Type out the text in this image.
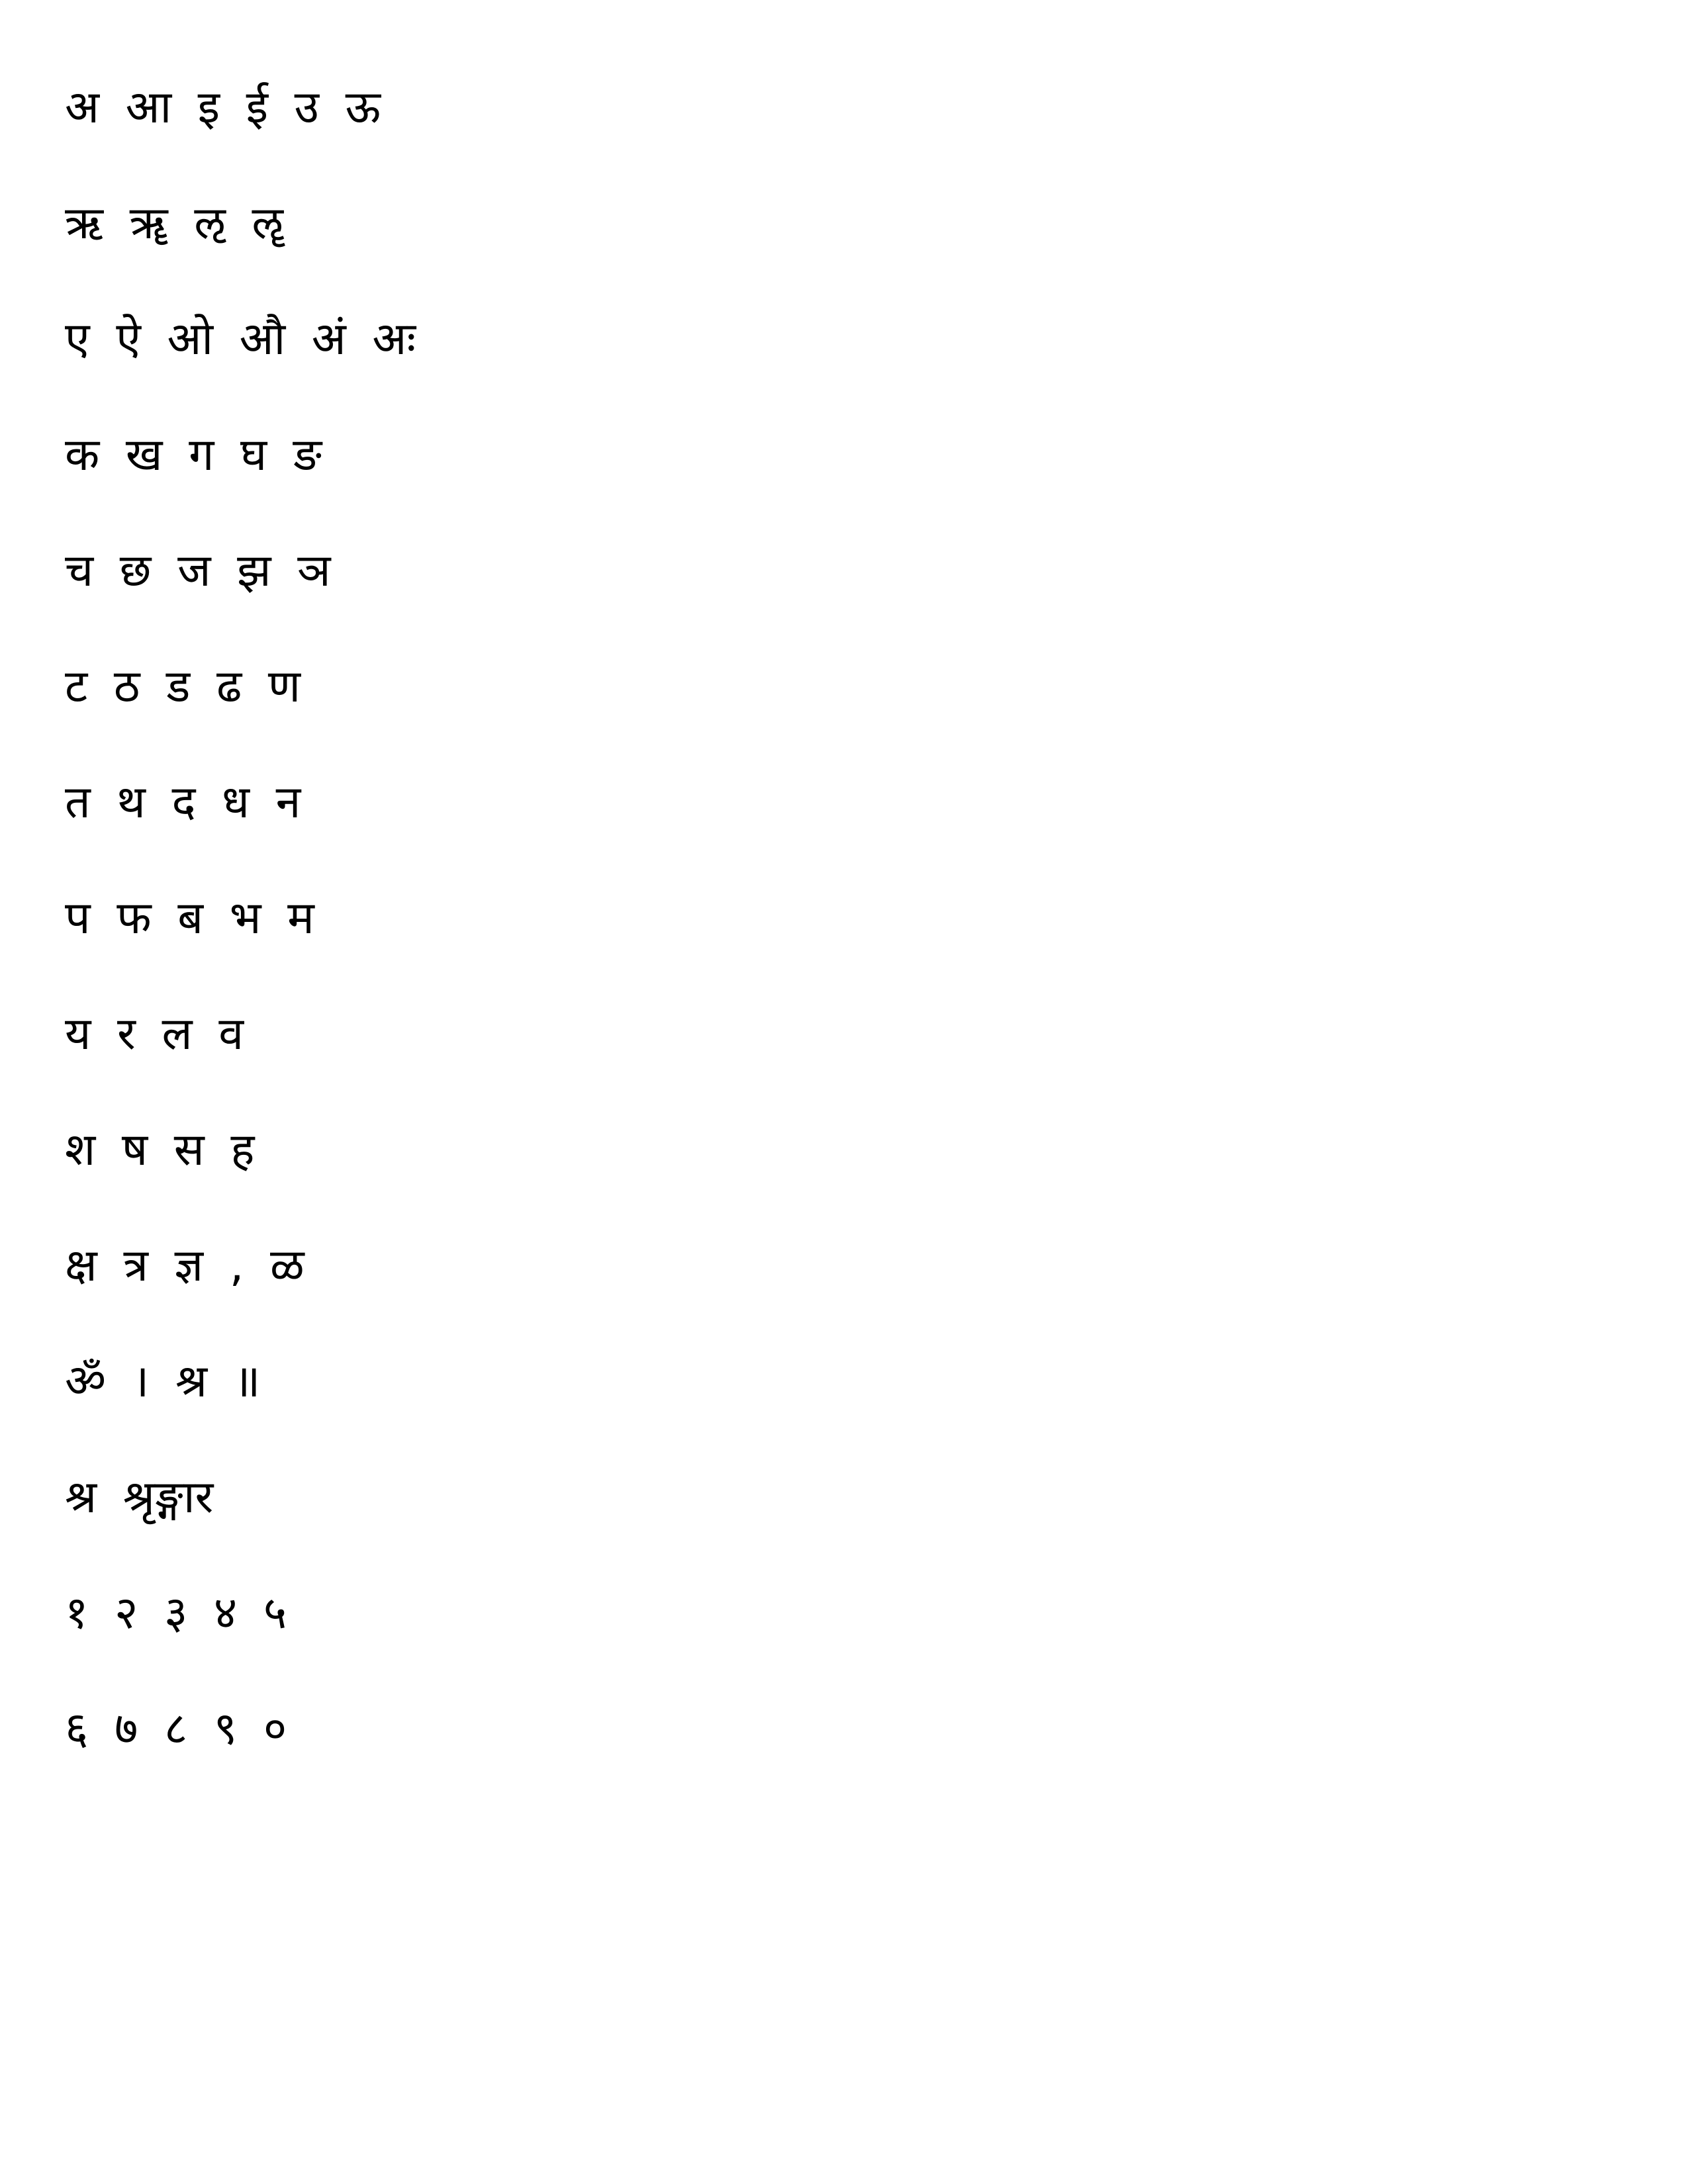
अ आ इ ई उ ऊ
ऋ ॠ ऌ ॡ
ए ऐ ओ औ अं अः
क ख ग घ ङ
च छ ज झ ञ
ट ठ ड ढ ण
त थ द ध न
प फ ब भ म
य र ल व
श ष स ह
क्ष त्र ज्ञ , ळ
ॐ । श्र ॥
श्र श्रृङ्गार
१ २ ३ ४ ५
६ ७ ८ ९ ०
